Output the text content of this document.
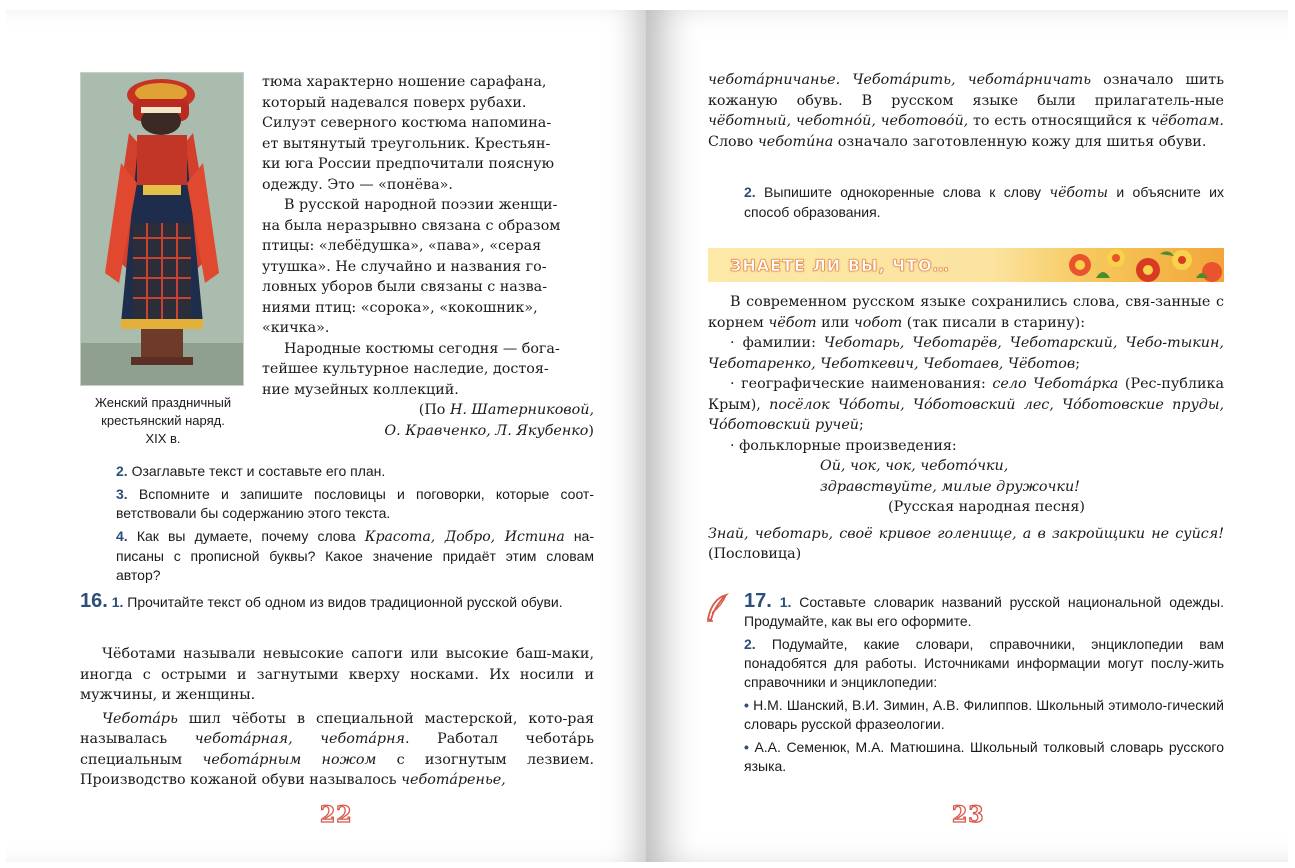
Женский праздничный
крестьянский наряд.
XIX в.

тюма характерно ношение сарафана,

который надевался поверх рубахи.

Силуэт северного костюма напомина-

ет вытянутый треугольник. Крестьян-

ки юга России предпочитали поясную

одежду. Это — «понёва».

В русской народной поэзии женщи-

на была неразрывно связана с образом

птицы: «лебёдушка», «пава», «серая

утушка». Не случайно и названия го-

ловных уборов были связаны с назва-

ниями птиц: «сорока», «кокошник»,

«кичка».

Народные костюмы сегодня — бога-

тейшее культурное наследие, достоя-

ние музейных коллекций.

(По Н. Шатерниковой,

О. Кравченко, Л. Якубенко)

2. Озаглавьте текст и составьте его план.

3. Вспомните и запишите пословицы и поговорки, которые соот-ветствовали бы содержанию этого текста.

4. Как вы думаете, почему слова Красота, Добро, Истина на-писаны с прописной буквы? Какое значение придаёт этим словам автор?

16. 1. Прочитайте текст об одном из видов традиционной русской обуви.

Чёботами называли невысокие сапоги или высокие баш-маки, иногда с острыми и загнутыми кверху носками. Их носили и мужчины, и женщины.

Чеботáрь шил чёботы в специальной мастерской, кото-рая называлась чеботáрная, чеботáрня. Работал чеботáрь специальным чеботáрным ножом с изогнутым лезвием. Производство кожаной обуви называлось чеботáренье,

22

чеботáрничанье. Чеботáрить, чеботáрничать означало шить кожаную обувь. В русском языке были прилагатель-ные чёботный, чеботнóй, чеботовóй, то есть относящийся к чёботам. Слово чеботúна означало заготовленную кожу для шитья обуви.

2. Выпишите однокоренные слова к слову чёботы и объясните их способ образования.

ЗНАЕТЕ ЛИ ВЫ, ЧТО…

В современном русском языке сохранились слова, свя-занные с корнем чёбот или чобот (так писали в старину):

· фамилии: Чеботарь, Чеботарёв, Чеботарский, Чебо-тыкин, Чеботаренко, Чеботкевич, Чеботаев, Чёботов;

· географические наименования: село Чеботáрка (Рес-публика Крым), посёлок Чóботы, Чóботовский лес, Чóботовские пруды, Чóботовский ручей;

· фольклорные произведения:

Ой, чок, чок, чеботóчки,

здравствуйте, милые дружочки!

(Русская народная песня)

Знай, чеботарь, своё кривое голенище, а в закройщики не суйся! (Пословица)

17. 1. Составьте словарик названий русской национальной одежды. Продумайте, как вы его оформите.

2. Подумайте, какие словари, справочники, энциклопедии вам понадобятся для работы. Источниками информации могут послу-жить справочники и энциклопедии:

• Н.М. Шанский, В.И. Зимин, А.В. Филиппов. Школьный этимоло-гический словарь русской фразеологии.

• А.А. Семенюк, М.А. Матюшина. Школьный толковый словарь русского языка.

23
